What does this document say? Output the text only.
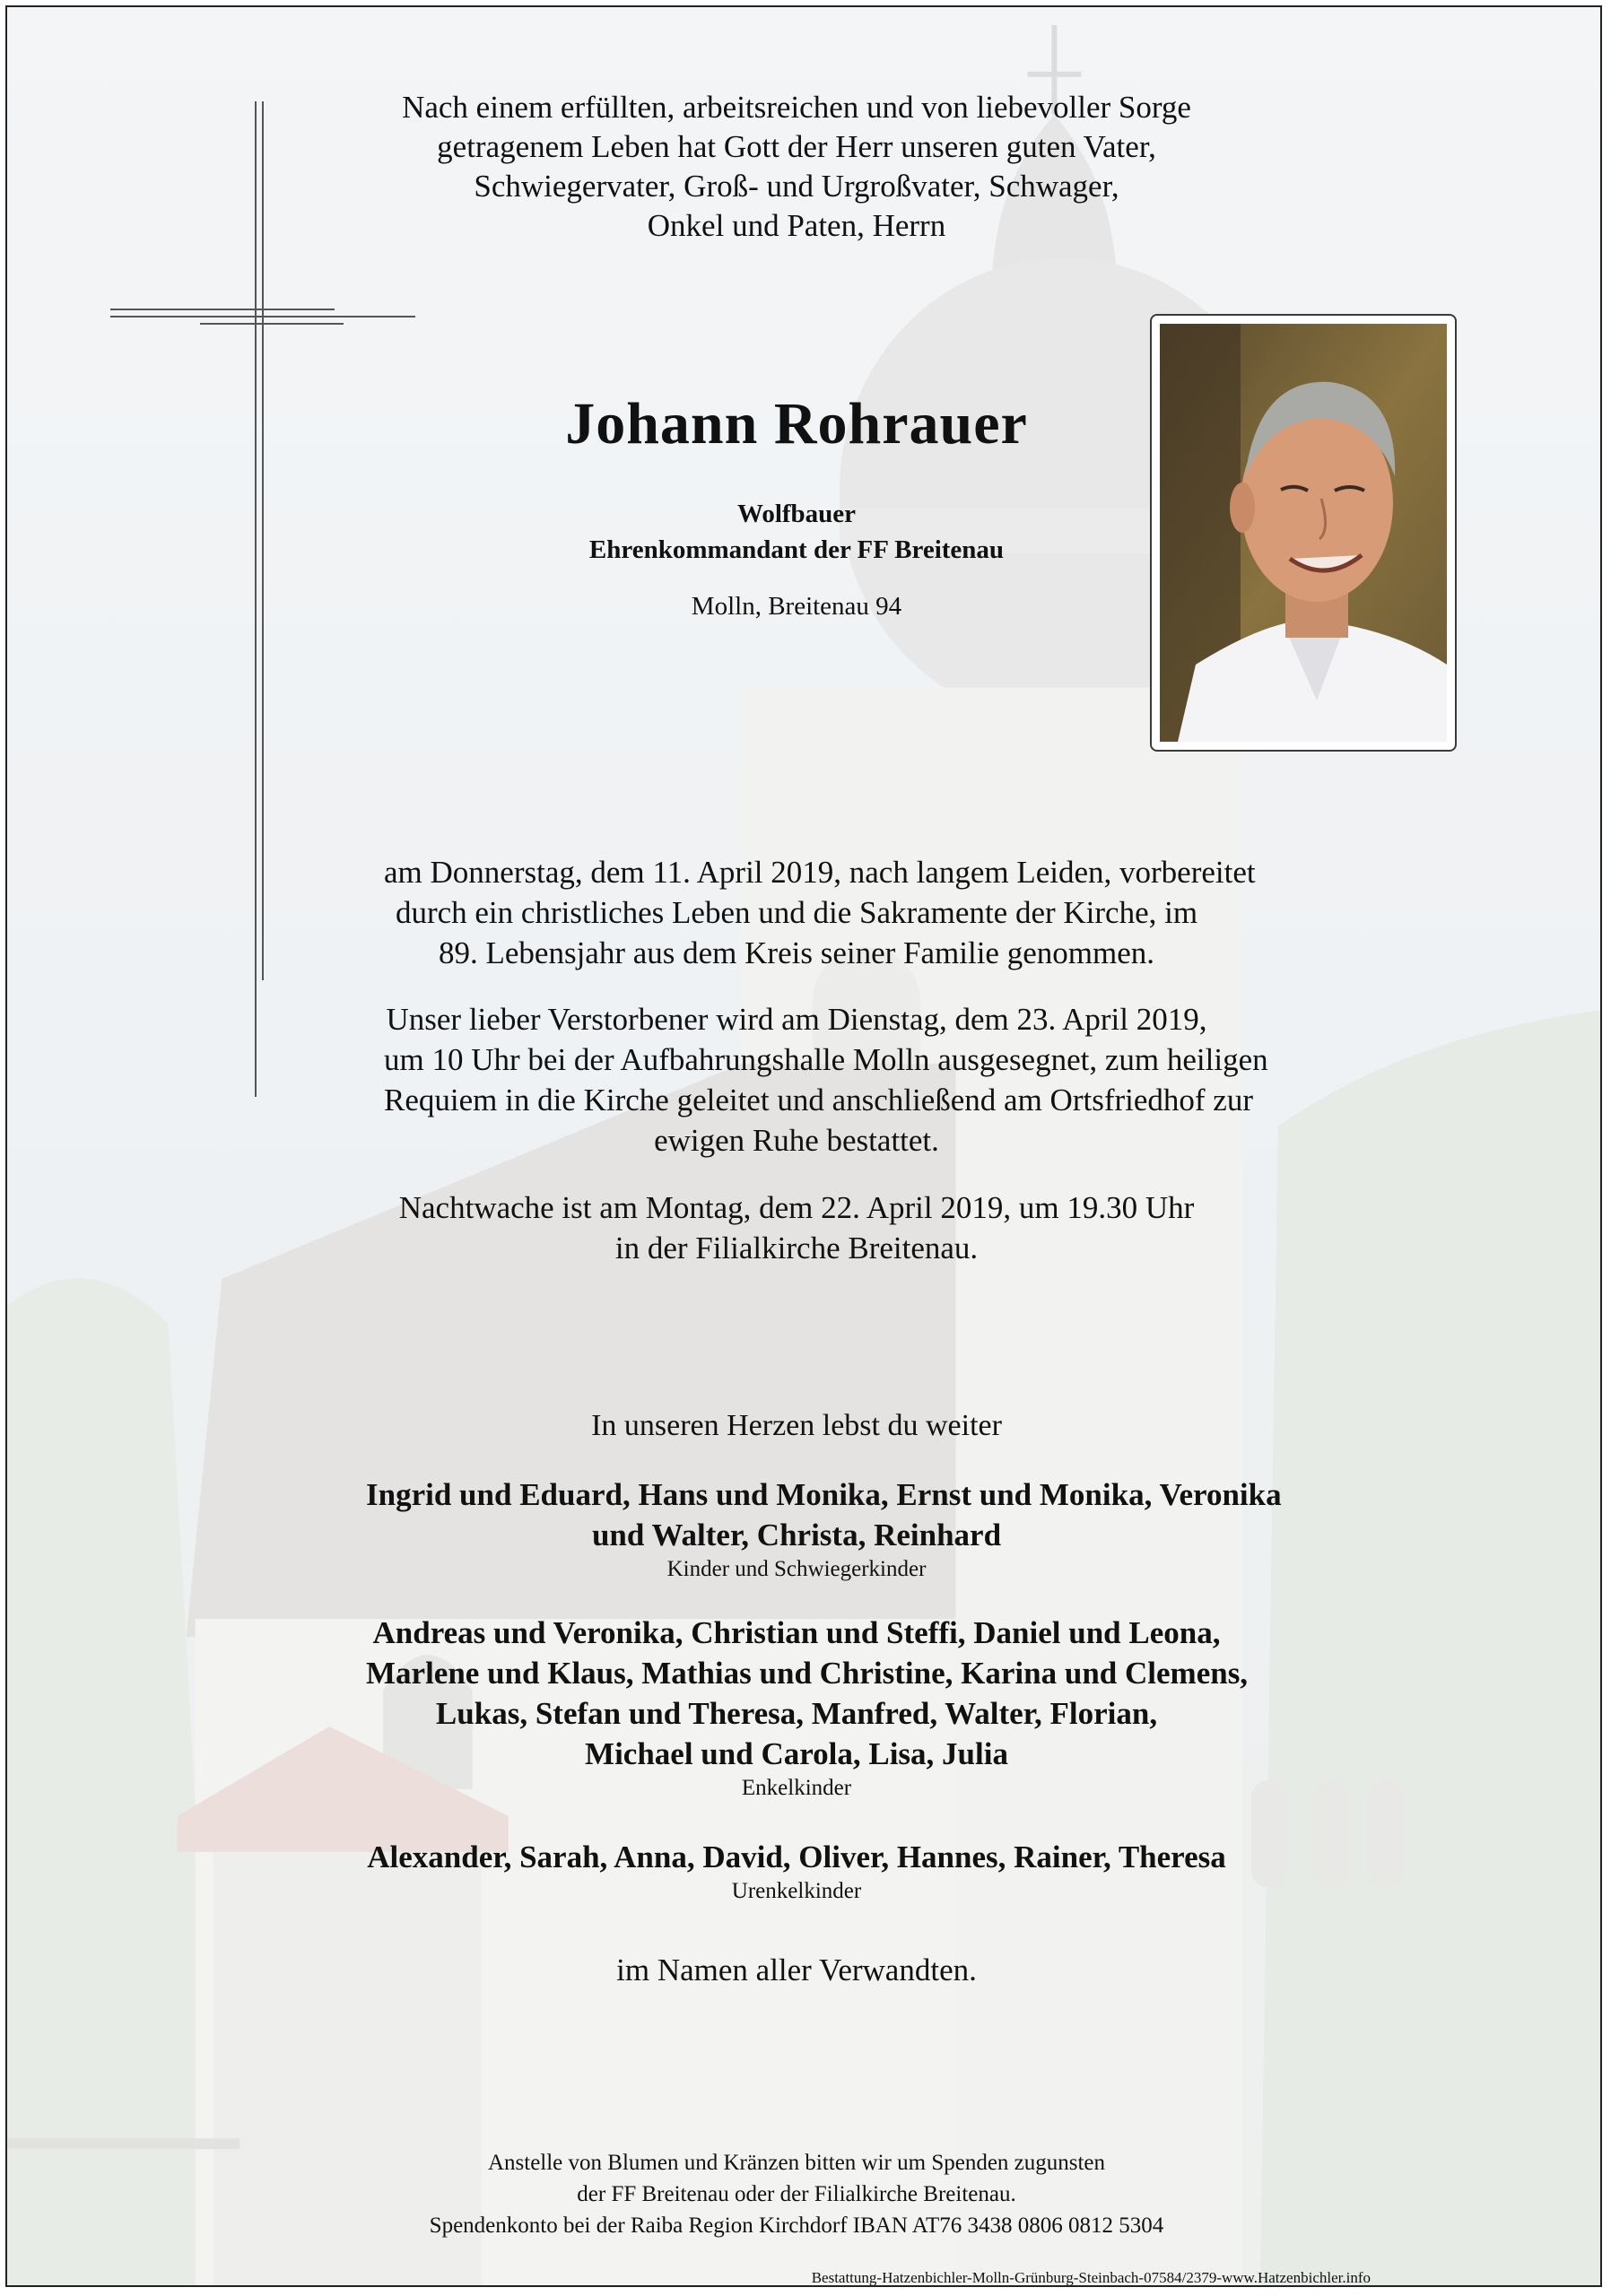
Nach einem erfüllten, arbeitsreichen und von liebevoller Sorge
getragenem Leben hat Gott der Herr unseren guten Vater,
Schwiegervater, Groß- und Urgroßvater, Schwager,
Onkel und Paten, Herrn
Johann Rohrauer
Wolfbauer
Ehrenkommandant der FF Breitenau
Molln, Breitenau 94
am Donnerstag, dem 11. April 2019, nach langem Leiden, vorbereitet
durch ein christliches Leben und die Sakramente der Kirche, im
89. Lebensjahr aus dem Kreis seiner Familie genommen.
Unser lieber Verstorbener wird am Dienstag, dem 23. April 2019,
um 10 Uhr bei der Aufbahrungshalle Molln ausgesegnet, zum heiligen
Requiem in die Kirche geleitet und anschließend am Ortsfriedhof zur
ewigen Ruhe bestattet.
Nachtwache ist am Montag, dem 22. April 2019, um 19.30 Uhr
in der Filialkirche Breitenau.
In unseren Herzen lebst du weiter
Ingrid und Eduard, Hans und Monika, Ernst und Monika, Veronika
und Walter, Christa, Reinhard
Kinder und Schwiegerkinder
Andreas und Veronika, Christian und Steffi, Daniel und Leona,
Marlene und Klaus, Mathias und Christine, Karina und Clemens,
Lukas, Stefan und Theresa, Manfred, Walter, Florian,
Michael und Carola, Lisa, Julia
Enkelkinder
Alexander, Sarah, Anna, David, Oliver, Hannes, Rainer, Theresa
Urenkelkinder
im Namen aller Verwandten.
Anstelle von Blumen und Kränzen bitten wir um Spenden zugunsten
der FF Breitenau oder der Filialkirche Breitenau.
Spendenkonto bei der Raiba Region Kirchdorf IBAN AT76 3438 0806 0812 5304
Bestattung-Hatzenbichler-Molln-Grünburg-Steinbach-07584/2379-www.Hatzenbichler.info
